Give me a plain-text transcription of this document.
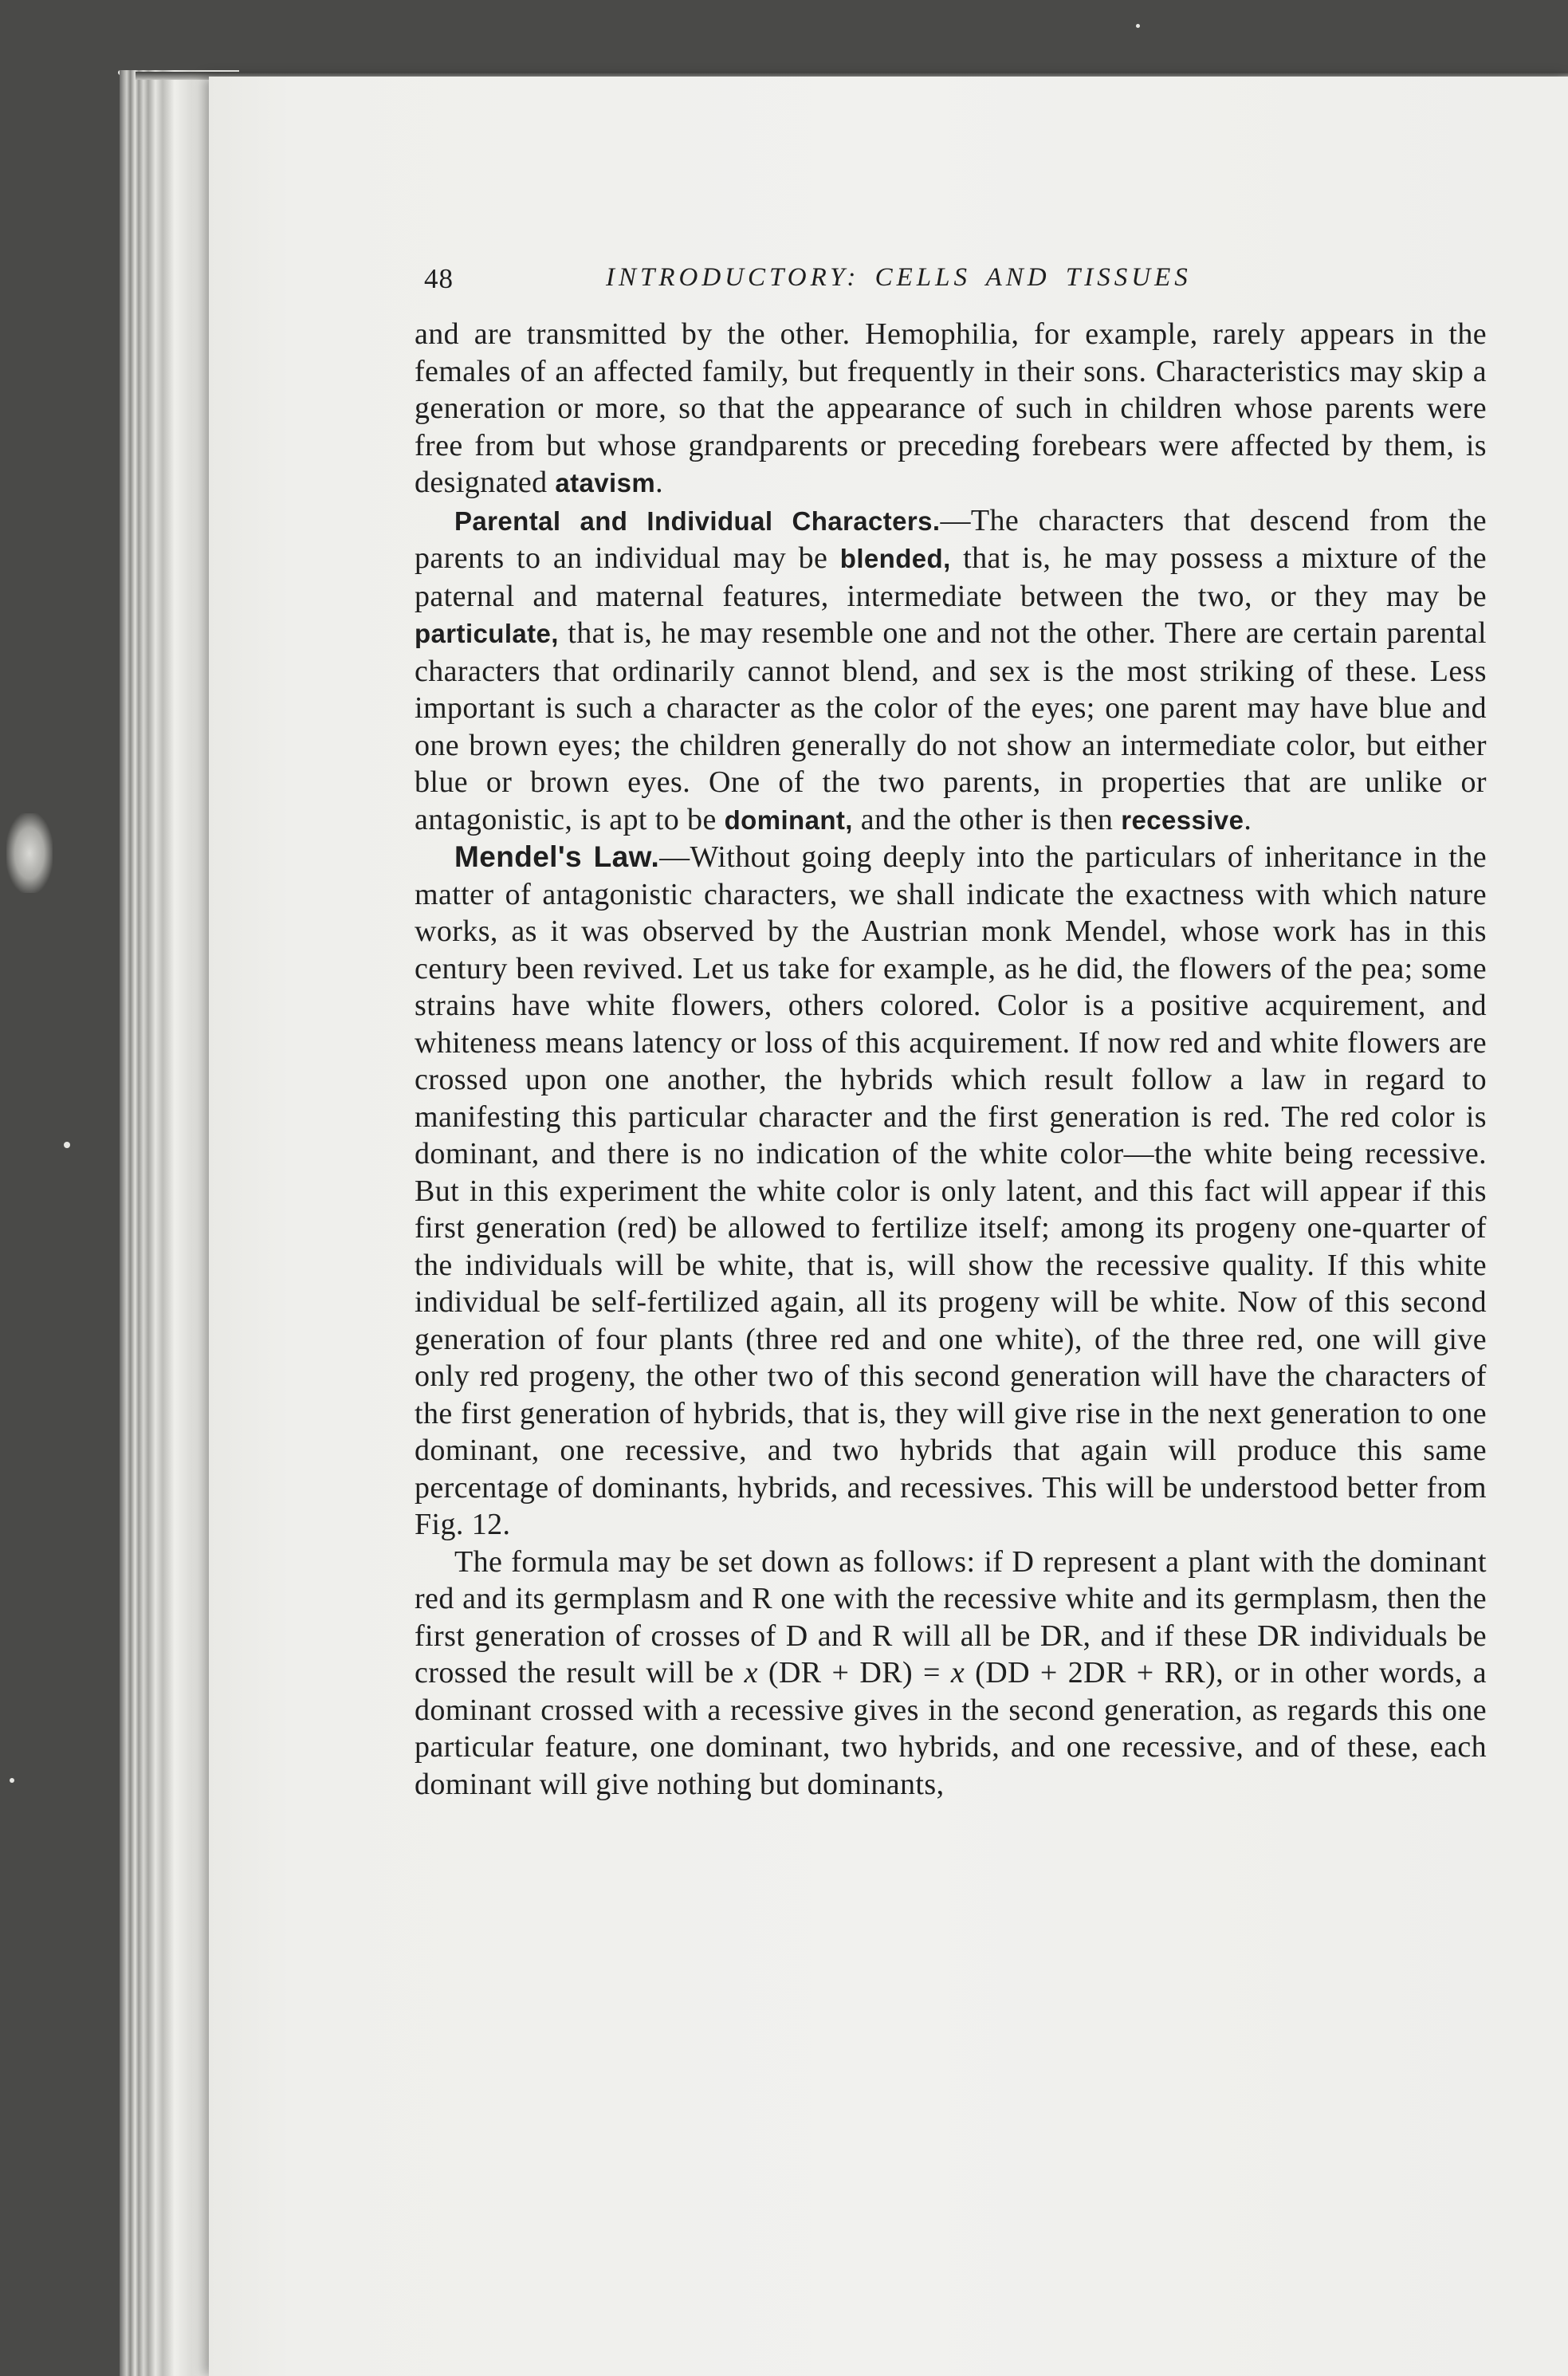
48	INTRODUCTORY: CELLS AND TISSUES

and are transmitted by the other. Hemophilia, for example, rarely appears in the females of an affected family, but frequently in their sons. Characteristics may skip a generation or more, so that the appearance of such in children whose parents were free from but whose grandparents or preceding forebears were affected by them, is designated atavism.

Parental and Individual Characters.—The characters that descend from the parents to an individual may be blended, that is, he may possess a mixture of the paternal and maternal features, intermediate between the two, or they may be particulate, that is, he may resemble one and not the other. There are certain parental characters that ordinarily cannot blend, and sex is the most striking of these. Less important is such a character as the color of the eyes; one parent may have blue and one brown eyes; the children generally do not show an intermediate color, but either blue or brown eyes. One of the two parents, in properties that are unlike or antagonistic, is apt to be dominant, and the other is then recessive.

Mendel's Law.—Without going deeply into the particulars of inheritance in the matter of antagonistic characters, we shall indicate the exactness with which nature works, as it was observed by the Austrian monk Mendel, whose work has in this century been revived. Let us take for example, as he did, the flowers of the pea; some strains have white flowers, others colored. Color is a positive acquirement, and whiteness means latency or loss of this acquirement. If now red and white flowers are crossed upon one another, the hybrids which result follow a law in regard to manifesting this particular character and the first generation is red. The red color is dominant, and there is no indication of the white color—the white being recessive. But in this experiment the white color is only latent, and this fact will appear if this first generation (red) be allowed to fertilize itself; among its progeny one-quarter of the individuals will be white, that is, will show the recessive quality. If this white individual be self-fertilized again, all its progeny will be white. Now of this second generation of four plants (three red and one white), of the three red, one will give only red progeny, the other two of this second generation will have the characters of the first generation of hybrids, that is, they will give rise in the next generation to one dominant, one recessive, and two hybrids that again will produce this same percentage of dominants, hybrids, and recessives. This will be understood better from Fig. 12.

The formula may be set down as follows: if D represent a plant with the dominant red and its germplasm and R one with the recessive white and its germplasm, then the first generation of crosses of D and R will all be DR, and if these DR individuals be crossed the result will be x (DR + DR) = x (DD + 2DR + RR), or in other words, a dominant crossed with a recessive gives in the second generation, as regards this one particular feature, one dominant, two hybrids, and one recessive, and of these, each dominant will give nothing but dominants,
